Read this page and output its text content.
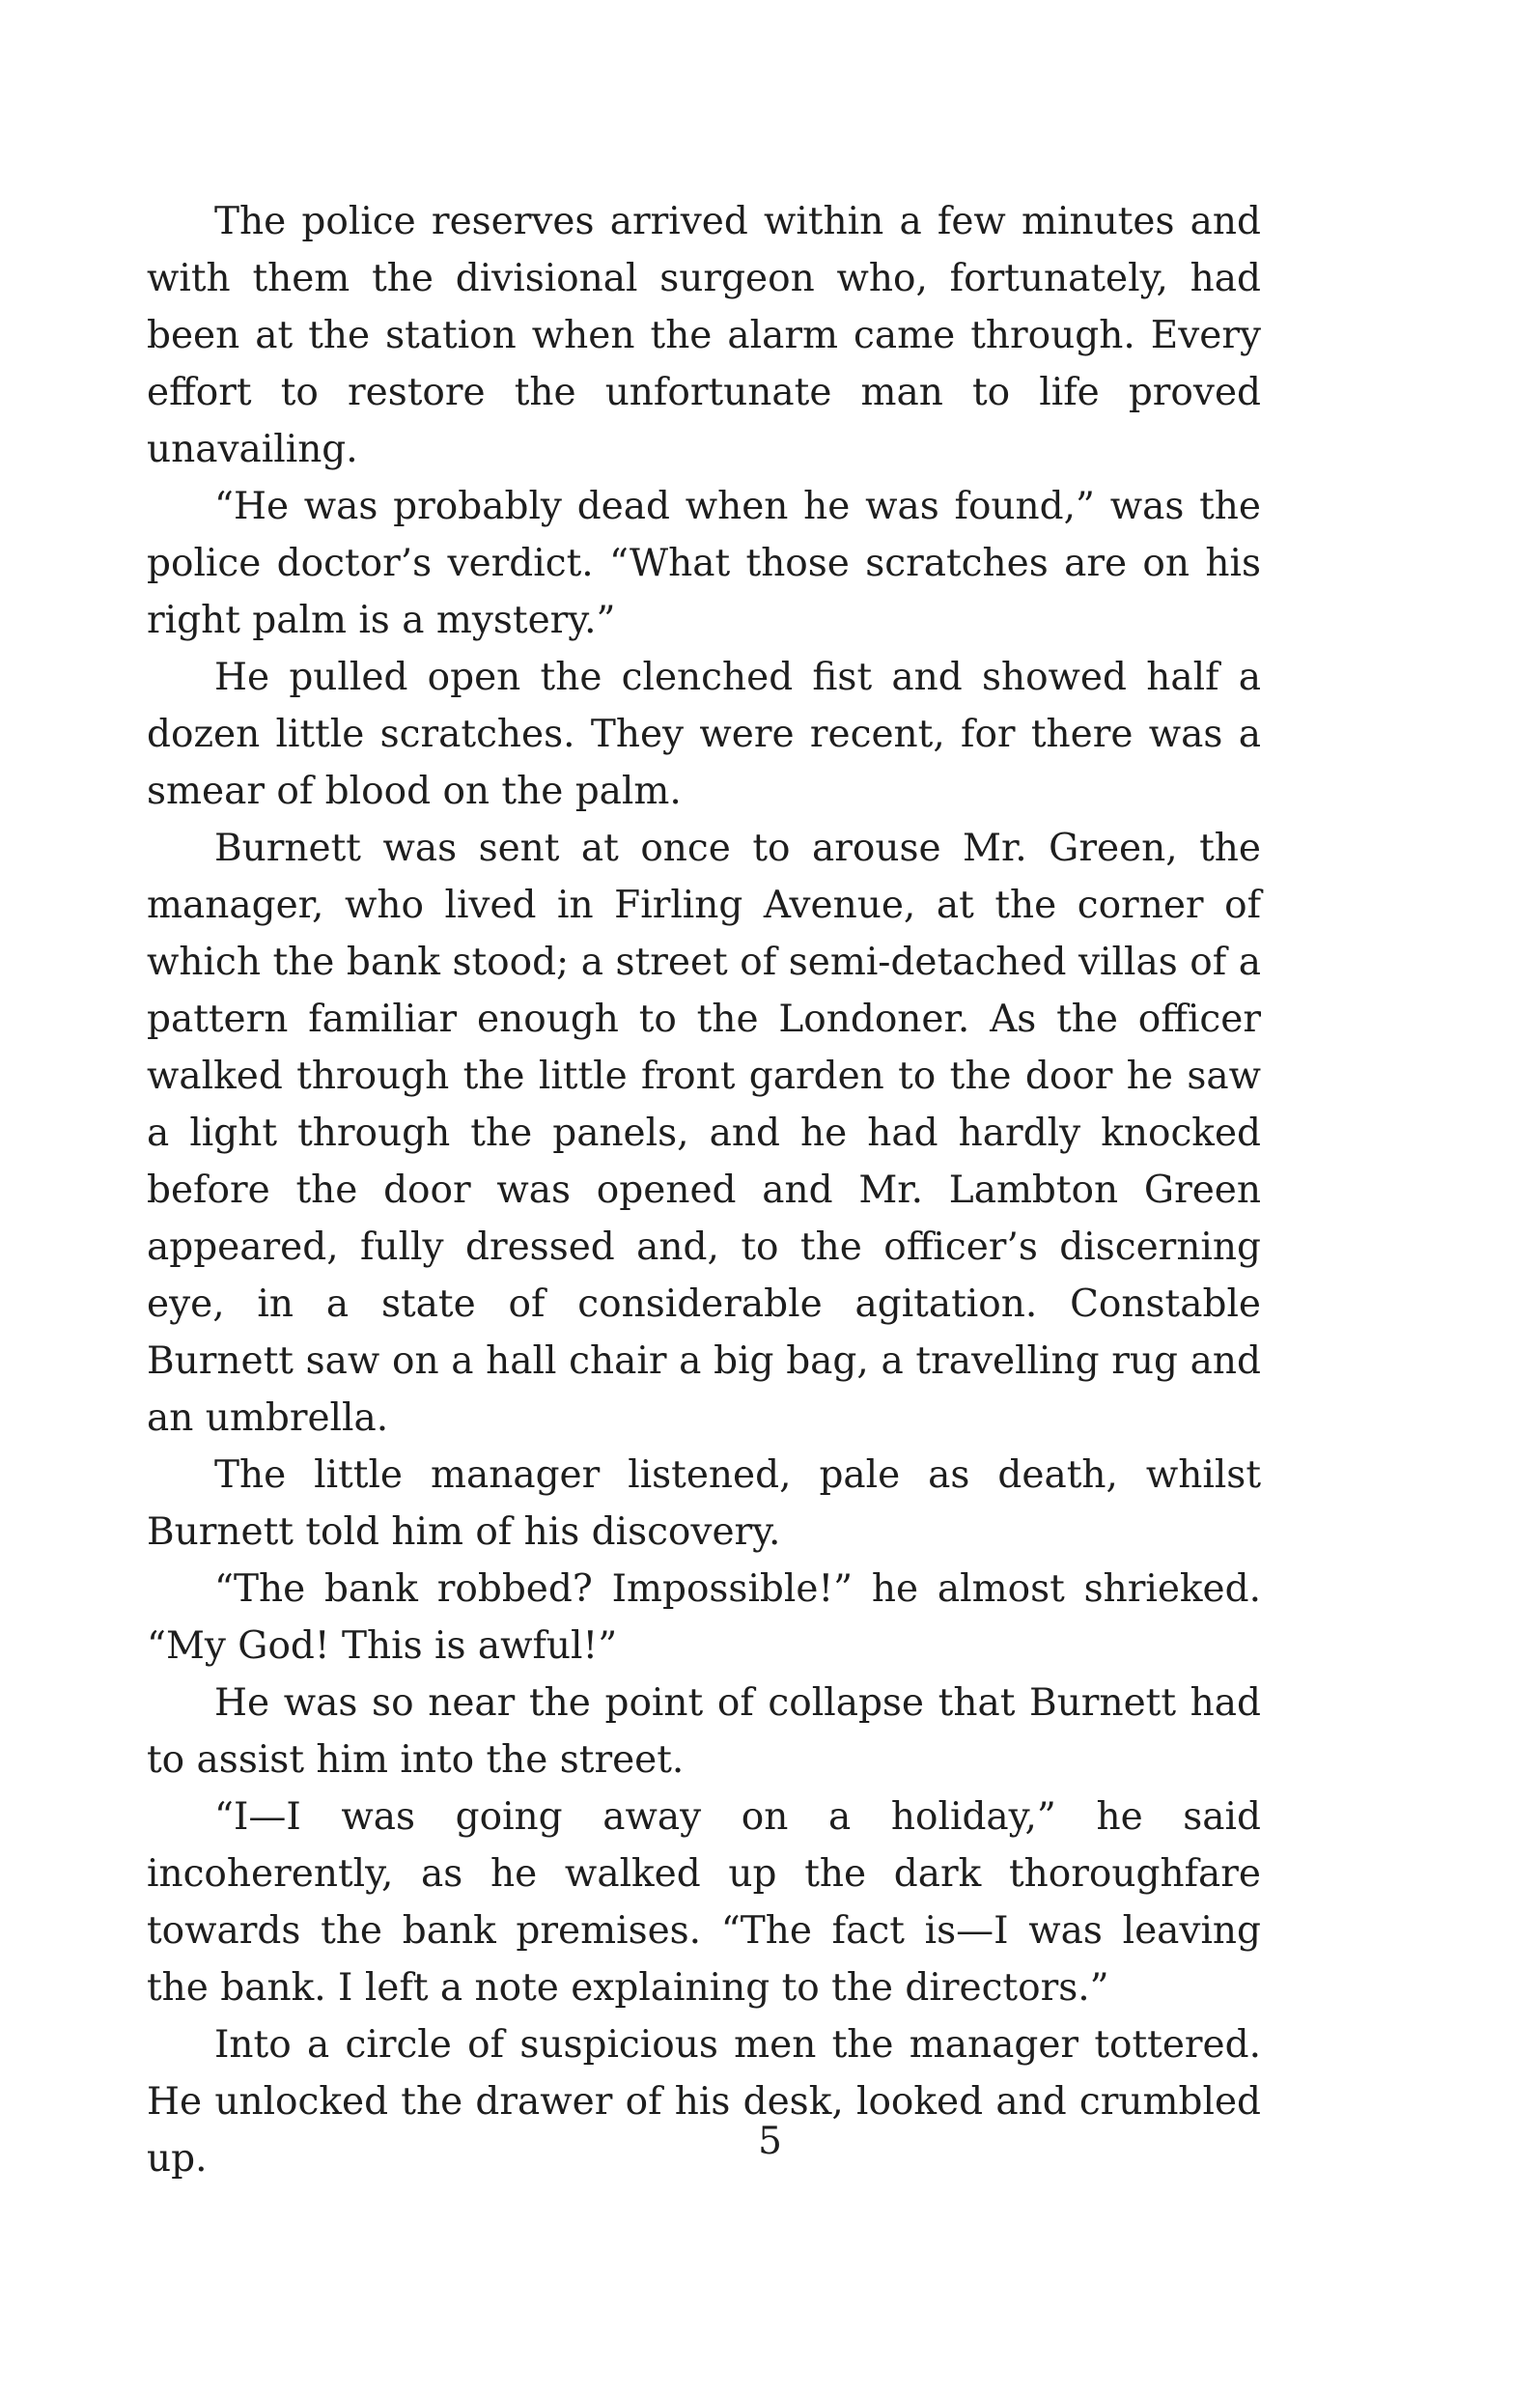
The police reserves arrived within a few minutes and with them the divisional surgeon who, fortunately, had been at the station when the alarm came through. Every effort to restore the unfortunate man to life proved unavailing.

“He was probably dead when he was found,” was the police doctor’s verdict. “What those scratches are on his right palm is a mystery.”

He pulled open the clenched fist and showed half a dozen little scratches. They were recent, for there was a smear of blood on the palm.

Burnett was sent at once to arouse Mr. Green, the manager, who lived in Firling Avenue, at the corner of which the bank stood; a street of semi-detached villas of a pattern familiar enough to the Londoner. As the officer walked through the little front garden to the door he saw a light through the panels, and he had hardly knocked before the door was opened and Mr. Lambton Green appeared, fully dressed and, to the officer’s discerning eye, in a state of considerable agitation. Constable Burnett saw on a hall chair a big bag, a travelling rug and an umbrella.

The little manager listened, pale as death, whilst Burnett told him of his discovery.

“The bank robbed? Impossible!” he almost shrieked. “My God! This is awful!”

He was so near the point of collapse that Burnett had to assist him into the street.

“I—I was going away on a holiday,” he said incoherently, as he walked up the dark thoroughfare towards the bank premises. “The fact is—I was leaving the bank. I left a note explaining to the directors.”

Into a circle of suspicious men the manager tottered. He unlocked the drawer of his desk, looked and crumbled up.	5
